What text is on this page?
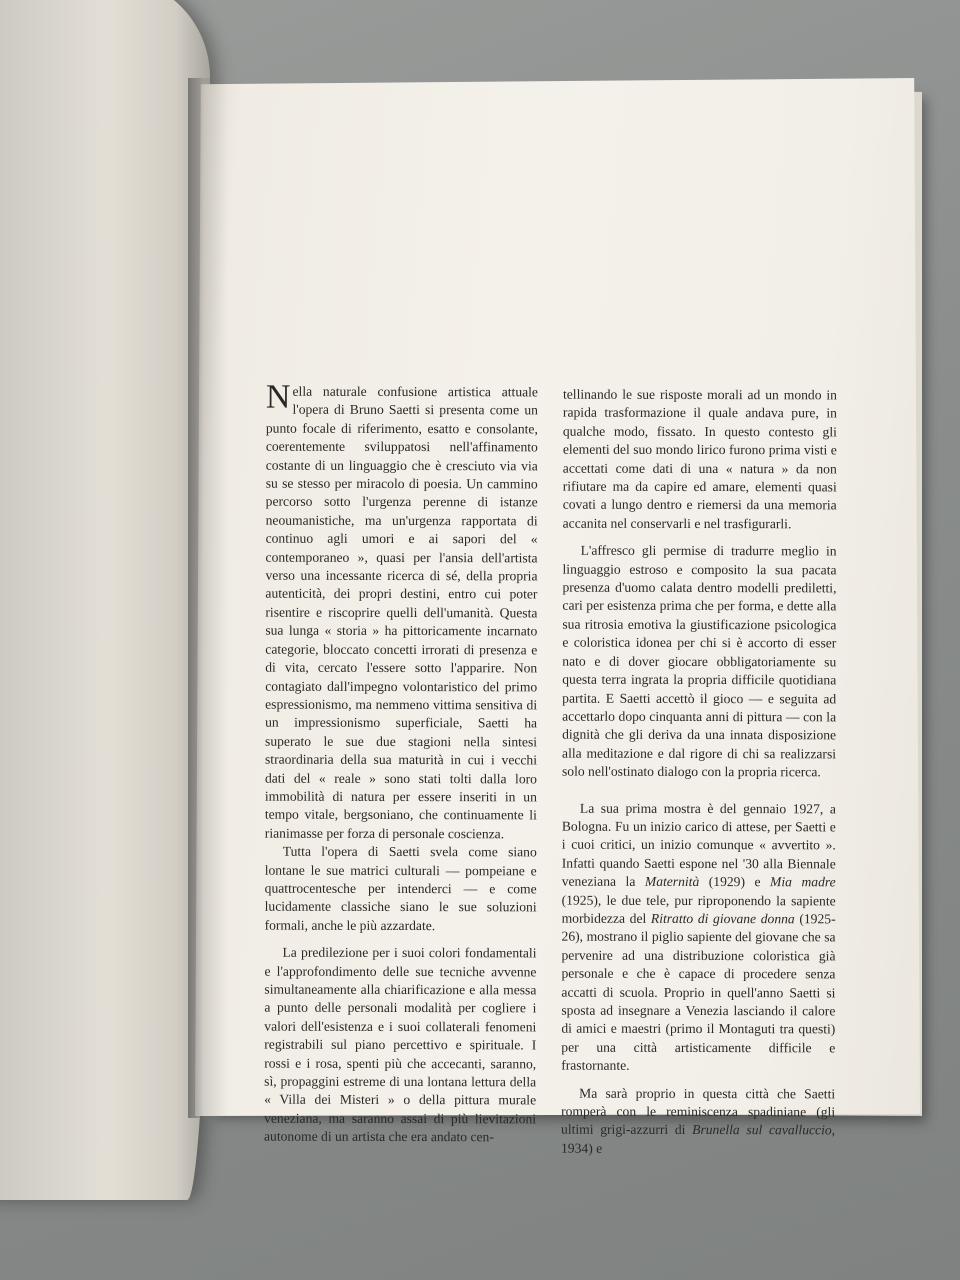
Nella naturale confusione artistica attuale l'opera di Bruno Saetti si presenta come un punto focale di riferimento, esatto e consolante, coerentemente sviluppatosi nell'affinamento costante di un linguaggio che è cresciuto via via su se stesso per miracolo di poesia. Un cammino percorso sotto l'urgenza perenne di istanze neoumanistiche, ma un'urgenza rapportata di continuo agli umori e ai sapori del « contemporaneo », quasi per l'ansia dell'artista verso una incessante ricerca di sé, della propria autenticità, dei propri destini, entro cui poter risentire e riscoprire quelli dell'umanità. Questa sua lunga « storia » ha pittoricamente incarnato categorie, bloccato concetti irrorati di presenza e di vita, cercato l'essere sotto l'apparire. Non contagiato dall'impegno volontaristico del primo espressionismo, ma nemmeno vittima sensitiva di un impressionismo superficiale, Saetti ha superato le sue due stagioni nella sintesi straordinaria della sua maturità in cui i vecchi dati del « reale » sono stati tolti dalla loro immobilità di natura per essere inseriti in un tempo vitale, bergsoniano, che continuamente li rianimasse per forza di personale coscienza.

Tutta l'opera di Saetti svela come siano lontane le sue matrici culturali — pompeiane e quattrocentesche per intenderci — e come lucidamente classiche siano le sue soluzioni formali, anche le più azzardate.

La predilezione per i suoi colori fondamentali e l'approfondimento delle sue tecniche avvenne simultaneamente alla chiarificazione e alla messa a punto delle personali modalità per cogliere i valori dell'esistenza e i suoi collaterali fenomeni registrabili sul piano percettivo e spirituale. I rossi e i rosa, spenti più che accecanti, saranno, sì, propaggini estreme di una lontana lettura della « Villa dei Misteri » o della pittura murale veneziana, ma saranno assai di più lievitazioni autonome di un artista che era andato cen-

tellinando le sue risposte morali ad un mondo in rapida trasformazione il quale andava pure, in qualche modo, fissato. In questo contesto gli elementi del suo mondo lirico furono prima visti e accettati come dati di una « natura » da non rifiutare ma da capire ed amare, elementi quasi covati a lungo dentro e riemersi da una memoria accanita nel conservarli e nel trasfigurarli.

L'affresco gli permise di tradurre meglio in linguaggio estroso e composito la sua pacata presenza d'uomo calata dentro modelli prediletti, cari per esistenza prima che per forma, e dette alla sua ritrosia emotiva la giustificazione psicologica e coloristica idonea per chi si è accorto di esser nato e di dover giocare obbligatoriamente su questa terra ingrata la propria difficile quotidiana partita. E Saetti accettò il gioco — e seguita ad accettarlo dopo cinquanta anni di pittura — con la dignità che gli deriva da una innata disposizione alla meditazione e dal rigore di chi sa realizzarsi solo nell'ostinato dialogo con la propria ricerca.

La sua prima mostra è del gennaio 1927, a Bologna. Fu un inizio carico di attese, per Saetti e i cuoi critici, un inizio comunque « avvertito ». Infatti quando Saetti espone nel '30 alla Biennale veneziana la Maternità (1929) e Mia madre (1925), le due tele, pur riproponendo la sapiente morbidezza del Ritratto di giovane donna (1925-26), mostrano il piglio sapiente del giovane che sa pervenire ad una distribuzione coloristica già personale e che è capace di procedere senza accatti di scuola. Proprio in quell'anno Saetti si sposta ad insegnare a Venezia lasciando il calore di amici e maestri (primo il Montaguti tra questi) per una città artisticamente difficile e frastornante.

Ma sarà proprio in questa città che Saetti romperà con le reminiscenza spadiniane (gli ultimi grigi-azzurri di Brunella sul cavalluccio, 1934) e
